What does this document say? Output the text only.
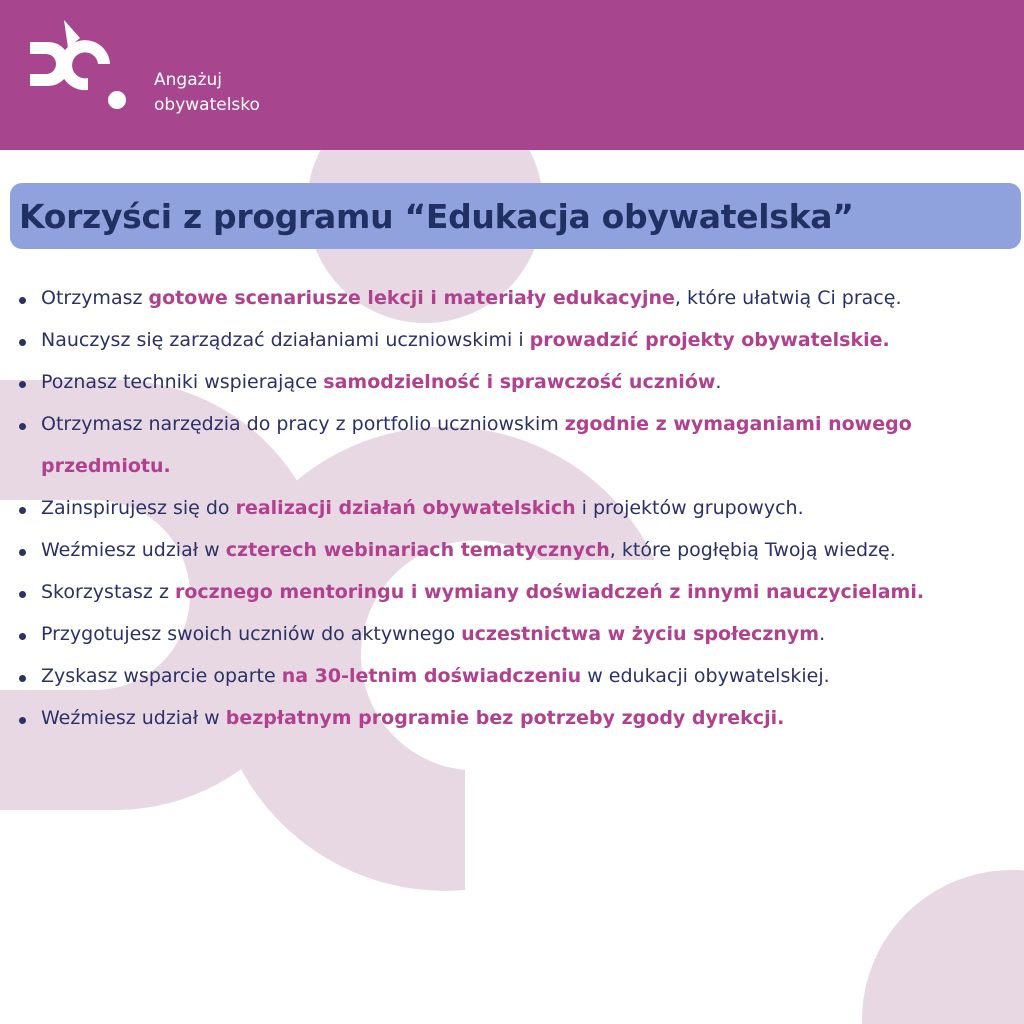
Angażuj
obywatelsko
Korzyści z programu “Edukacja obywatelska”
Otrzymasz gotowe scenariusze lekcji i materiały edukacyjne, które ułatwią Ci pracę.
Nauczysz się zarządzać działaniami uczniowskimi i prowadzić projekty obywatelskie.
Poznasz techniki wspierające samodzielność i sprawczość uczniów.
Otrzymasz narzędzia do pracy z portfolio uczniowskim zgodnie z wymaganiami nowego przedmiotu.
Zainspirujesz się do realizacji działań obywatelskich i projektów grupowych.
Weźmiesz udział w czterech webinariach tematycznych, które pogłębią Twoją wiedzę.
Skorzystasz z rocznego mentoringu i wymiany doświadczeń z innymi nauczycielami.
Przygotujesz swoich uczniów do aktywnego uczestnictwa w życiu społecznym.
Zyskasz wsparcie oparte na 30-letnim doświadczeniu w edukacji obywatelskiej.
Weźmiesz udział w bezpłatnym programie bez potrzeby zgody dyrekcji.
